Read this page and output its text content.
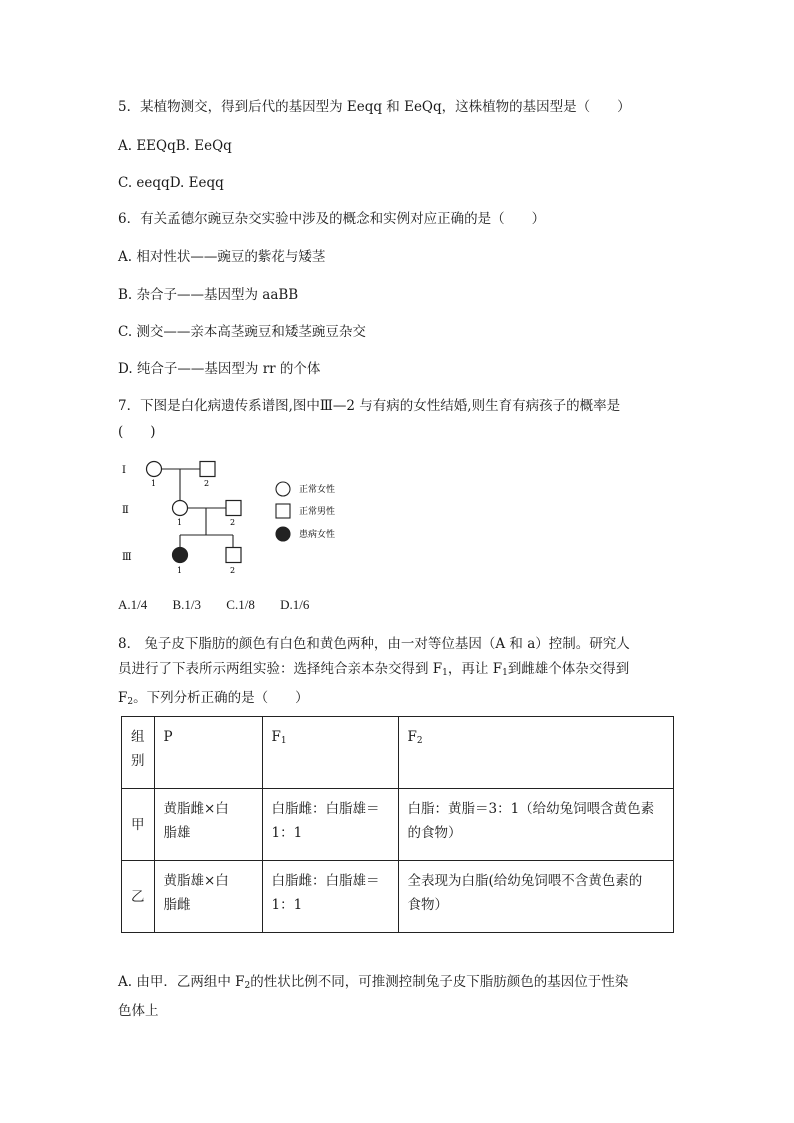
5．某植物测交，得到后代的基因型为 Eeqq 和 EeQq，这株植物的基因型是（　　）
A. EEQqB. EeQq
C. eeqqD. Eeqq
6．有关孟德尔豌豆杂交实验中涉及的概念和实例对应正确的是（　　）
A. 相对性状——豌豆的紫花与矮茎
B. 杂合子——基因型为 aaBB
C. 测交——亲本高茎豌豆和矮茎豌豆杂交
D. 纯合子——基因型为 rr 的个体
7．下图是白化病遗传系谱图,图中Ⅲ—2 与有病的女性结婚,则生育有病孩子的概率是
(　　)
Ⅰ
Ⅱ
Ⅲ
1	2
1	2
1	2
正常女性
正常男性
患病女性
A.1/4 B.1/3 C.1/8 D.1/6
8． 兔子皮下脂肪的颜色有白色和黄色两种，由一对等位基因（A 和 a）控制。研究人
员进行了下表所示两组实验：选择纯合亲本杂交得到 $F_1$，再让 $F_1$到雌雄个体杂交得到
$F_2$。下列分析正确的是（　　）
组
别	P	$F_1$	$F_2$
甲	黄脂雌×白
脂雄	白脂雌：白脂雄＝
1：1	白脂：黄脂＝3：1（给幼兔饲喂含黄色素
的食物）
乙	黄脂雄×白
脂雌	白脂雌：白脂雄＝
1：1	全表现为白脂(给幼兔饲喂不含黄色素的
食物）
A. 由甲．乙两组中 $F_2$的性状比例不同，可推测控制兔子皮下脂肪颜色的基因位于性染
色体上
